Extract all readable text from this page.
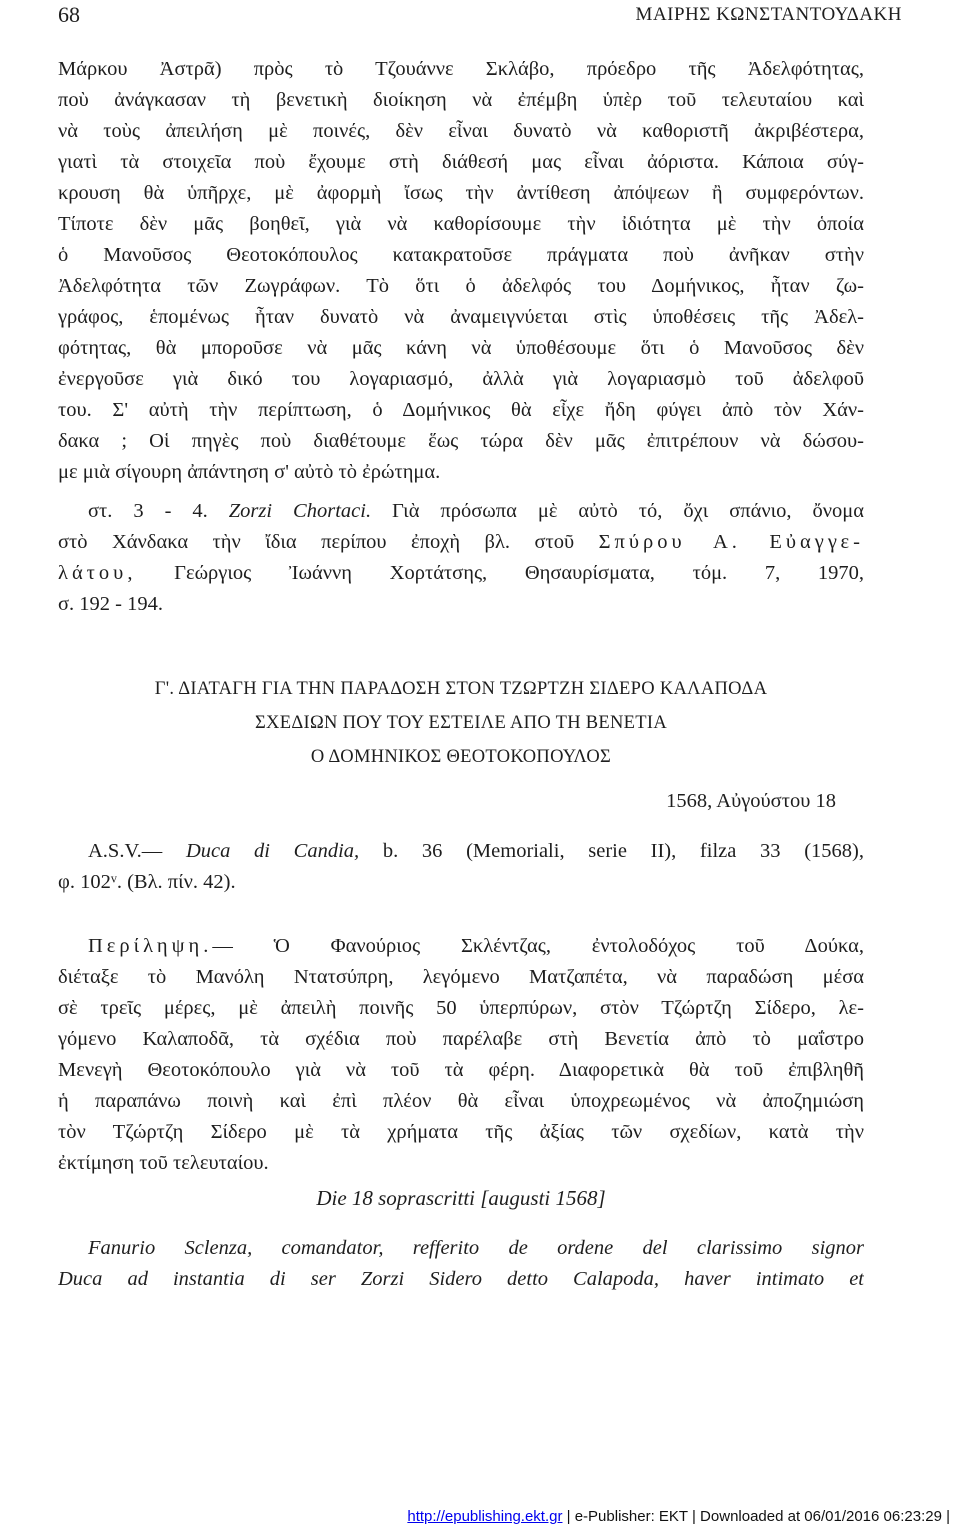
68	ΜΑΙΡΗΣ ΚΩΝΣΤΑΝΤΟΥΔΑΚΗ
Μάρκου Ἀστρᾶ) πρὸς τὸ Τζουάννε Σκλάβο, πρόεδρο τῆς Ἀδελφότητας,
ποὺ ἀνάγκασαν τὴ βενετικὴ διοίκηση νὰ ἐπέμβη ὑπὲρ τοῦ τελευταίου καὶ
νὰ τοὺς ἀπειλήση μὲ ποινές, δὲν εἶναι δυνατὸ νὰ καθοριστῆ ἀκριβέστερα,
γιατὶ τὰ στοιχεῖα ποὺ ἔχουμε στὴ διάθεσή μας εἶναι ἀόριστα. Κάποια σύγ-
κρουση θὰ ὑπῆρχε, μὲ ἀφορμὴ ἴσως τὴν ἀντίθεση ἀπόψεων ἢ συμφερόντων.
Τίποτε δὲν μᾶς βοηθεῖ, γιὰ νὰ καθορίσουμε τὴν ἰδιότητα μὲ τὴν ὁποία
ὁ Μανοῦσος Θεοτοκόπουλος κατακρατοῦσε πράγματα ποὺ ἀνῆκαν στὴν
Ἀδελφότητα τῶν Ζωγράφων. Τὸ ὅτι ὁ ἀδελφός του Δομήνικος, ἦταν ζω-
γράφος, ἑπομένως ἦταν δυνατὸ νὰ ἀναμειγνύεται στὶς ὑποθέσεις τῆς Ἀδελ-
φότητας, θὰ μποροῦσε νὰ μᾶς κάνη νὰ ὑποθέσουμε ὅτι ὁ Μανοῦσος δὲν
ἐνεργοῦσε γιὰ δικό του λογαριασμό, ἀλλὰ γιὰ λογαριασμὸ τοῦ ἀδελφοῦ
του. Σ' αὐτὴ τὴν περίπτωση, ὁ Δομήνικος θὰ εἶχε ἤδη φύγει ἀπὸ τὸν Χάν-
δακα ; Οἱ πηγὲς ποὺ διαθέτουμε ἕως τώρα δὲν μᾶς ἐπιτρέπουν νὰ δώσου-
με μιὰ σίγουρη ἀπάντηση σ' αὐτὸ τὸ ἐρώτημα.
στ. 3 - 4. Zorzi Chortaci. Γιὰ πρόσωπα μὲ αὐτὸ τό, ὄχι σπάνιο, ὄνομα
στὸ Χάνδακα τὴν ἴδια περίπου ἐποχὴ βλ. στοῦ Σπύρου Α. Εὐαγγε-
λάτου, Γεώργιος Ἰωάννη Χορτάτσης, Θησαυρίσματα, τόμ. 7, 1970,
σ. 192 - 194.
Γ'. ΔΙΑΤΑΓΗ ΓΙΑ ΤΗΝ ΠΑΡΑΔΟΣΗ ΣΤΟΝ ΤΖΩΡΤΖΗ ΣΙΔΕΡΟ ΚΑΛΑΠΟΔΑ
ΣΧΕΔΙΩΝ ΠΟΥ ΤΟΥ ΕΣΤΕΙΛΕ ΑΠΟ ΤΗ ΒΕΝΕΤΙΑ
Ο ΔΟΜΗΝΙΚΟΣ ΘΕΟΤΟΚΟΠΟΥΛΟΣ
1568, Αὐγούστου 18
A.S.V.— Duca di Candia, b. 36 (Memoriali, serie II), filza 33 (1568),
φ. 102ᵛ. (Βλ. πίν. 42).
Περίληψη.— Ὁ Φανούριος Σκλέντζας, ἐντολοδόχος τοῦ Δούκα,
διέταξε τὸ Μανόλη Ντατσύπρη, λεγόμενο Ματζαπέτα, νὰ παραδώση μέσα
σὲ τρεῖς μέρες, μὲ ἀπειλὴ ποινῆς 50 ὑπερπύρων, στὸν Τζώρτζη Σίδερο, λε-
γόμενο Καλαποδᾶ, τὰ σχέδια ποὺ παρέλαβε στὴ Βενετία ἀπὸ τὸ μαΐστρο
Μενεγὴ Θεοτοκόπουλο γιὰ νὰ τοῦ τὰ φέρη. Διαφορετικὰ θὰ τοῦ ἐπιβληθῆ
ἡ παραπάνω ποινὴ καὶ ἐπὶ πλέον θὰ εἶναι ὑποχρεωμένος νὰ ἀποζημιώση
τὸν Τζώρτζη Σίδερο μὲ τὰ χρήματα τῆς ἀξίας τῶν σχεδίων, κατὰ τὴν
ἐκτίμηση τοῦ τελευταίου.
Die 18 soprascritti [augusti 1568]
Fanurio Sclenza, comandator, refferito de ordene del clarissimo signor
Duca ad instantia di ser Zorzi Sidero detto Calapoda, haver intimato et
http://epublishing.ekt.gr | e-Publisher: EKT | Downloaded at 06/01/2016 06:23:29 |
